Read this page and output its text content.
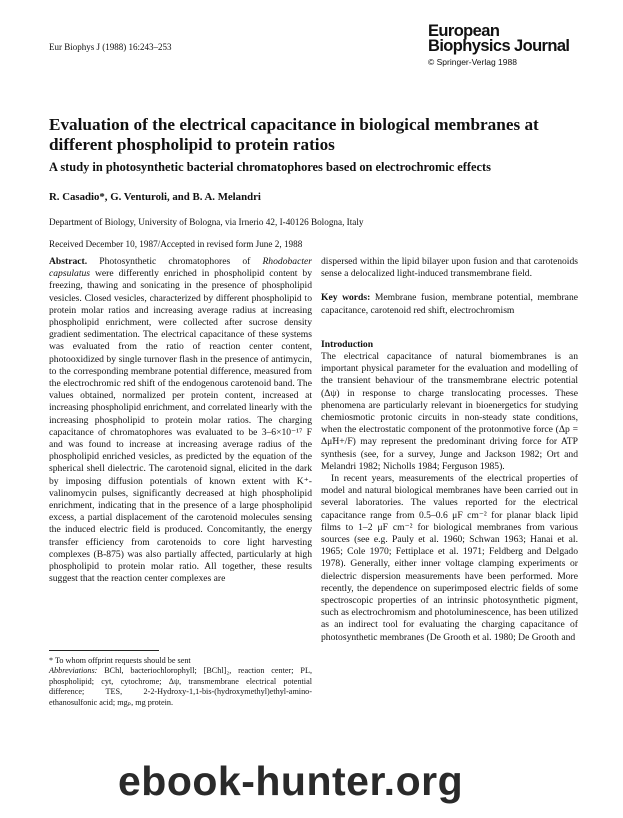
Eur Biophys J (1988) 16:243–253
European
Biophysics Journal
© Springer-Verlag 1988
Evaluation of the electrical capacitance in biological membranes at different phospholipid to protein ratios
A study in photosynthetic bacterial chromatophores based on electrochromic effects
R. Casadio*, G. Venturoli, and B. A. Melandri
Department of Biology, University of Bologna, via Irnerio 42, I-40126 Bologna, Italy
Received December 10, 1987/Accepted in revised form June 2, 1988

Abstract. Photosynthetic chromatophores of Rhodobacter capsulatus were differently enriched in phospholipid content by freezing, thawing and sonicating in the presence of phospholipid vesicles. Closed vesicles, characterized by different phospholipid to protein molar ratios and increasing average radius at increasing phospholipid enrichment, were collected after sucrose density gradient sedimentation. The electrical capacitance of these systems was evaluated from the ratio of reaction center content, photooxidized by single turnover flash in the presence of antimycin, to the corresponding membrane potential difference, measured from the electrochromic red shift of the endogenous carotenoid band. The values obtained, normalized per protein content, increased at increasing phospholipid enrichment, and correlated linearly with the increasing phospholipid to protein molar ratios. The charging capacitance of chromatophores was evaluated to be 3–6×10⁻¹⁷ F and was found to increase at increasing average radius of the phospholipid enriched vesicles, as predicted by the equation of the spherical shell dielectric. The carotenoid signal, elicited in the dark by imposing diffusion potentials of known extent with K⁺-valinomycin pulses, significantly decreased at high phospholipid enrichment, indicating that in the presence of a large phospholipid excess, a partial displacement of the carotenoid molecules sensing the induced electric field is produced. Concomitantly, the energy transfer efficiency from carotenoids to core light harvesting complexes (B-875) was also partially affected, particularly at high phospholipid to protein molar ratio. All together, these results suggest that the reaction center complexes are

* To whom offprint requests should be sent

Abbreviations: BChl, bacteriochlorophyll; [BChl]₂, reaction center; PL, phospholipid; cyt, cytochrome; Δψ, transmembrane electrical potential difference; TES, 2-2-Hydroxy-1,1-bis-(hydroxymethyl)ethyl-amino-ethanosulfonic acid; mgₚ, mg protein.

dispersed within the lipid bilayer upon fusion and that carotenoids sense a delocalized light-induced transmembrane field.

Key words: Membrane fusion, membrane potential, membrane capacitance, carotenoid red shift, electrochromism

Introduction

The electrical capacitance of natural biomembranes is an important physical parameter for the evaluation and modelling of the transient behaviour of the transmembrane electric potential (Δψ) in response to charge translocating processes. These phenomena are particularly relevant in bioenergetics for studying chemiosmotic protonic circuits in non-steady state conditions, when the electrostatic component of the protonmotive force (Δp = Δμ̃H+/F) may represent the predominant driving force for ATP synthesis (see, for a survey, Junge and Jackson 1982; Ort and Melandri 1982; Nicholls 1984; Ferguson 1985).

In recent years, measurements of the electrical properties of model and natural biological membranes have been carried out in several laboratories. The values reported for the electrical capacitance range from 0.5–0.6 μF cm⁻² for planar black lipid films to 1–2 μF cm⁻² for biological membranes from various sources (see e.g. Pauly et al. 1960; Schwan 1963; Hanai et al. 1965; Cole 1970; Fettiplace et al. 1971; Feldberg and Delgado 1978). Generally, either inner voltage clamping experiments or dielectric dispersion measurements have been performed. More recently, the dependence on superimposed electric fields of some spectroscopic properties of an intrinsic photosynthetic pigment, such as electrochromism and photoluminescence, has been utilized as an indirect tool for evaluating the charging capacitance of photosynthetic membranes (De Grooth et al. 1980; De Grooth and

ebook-hunter.org
